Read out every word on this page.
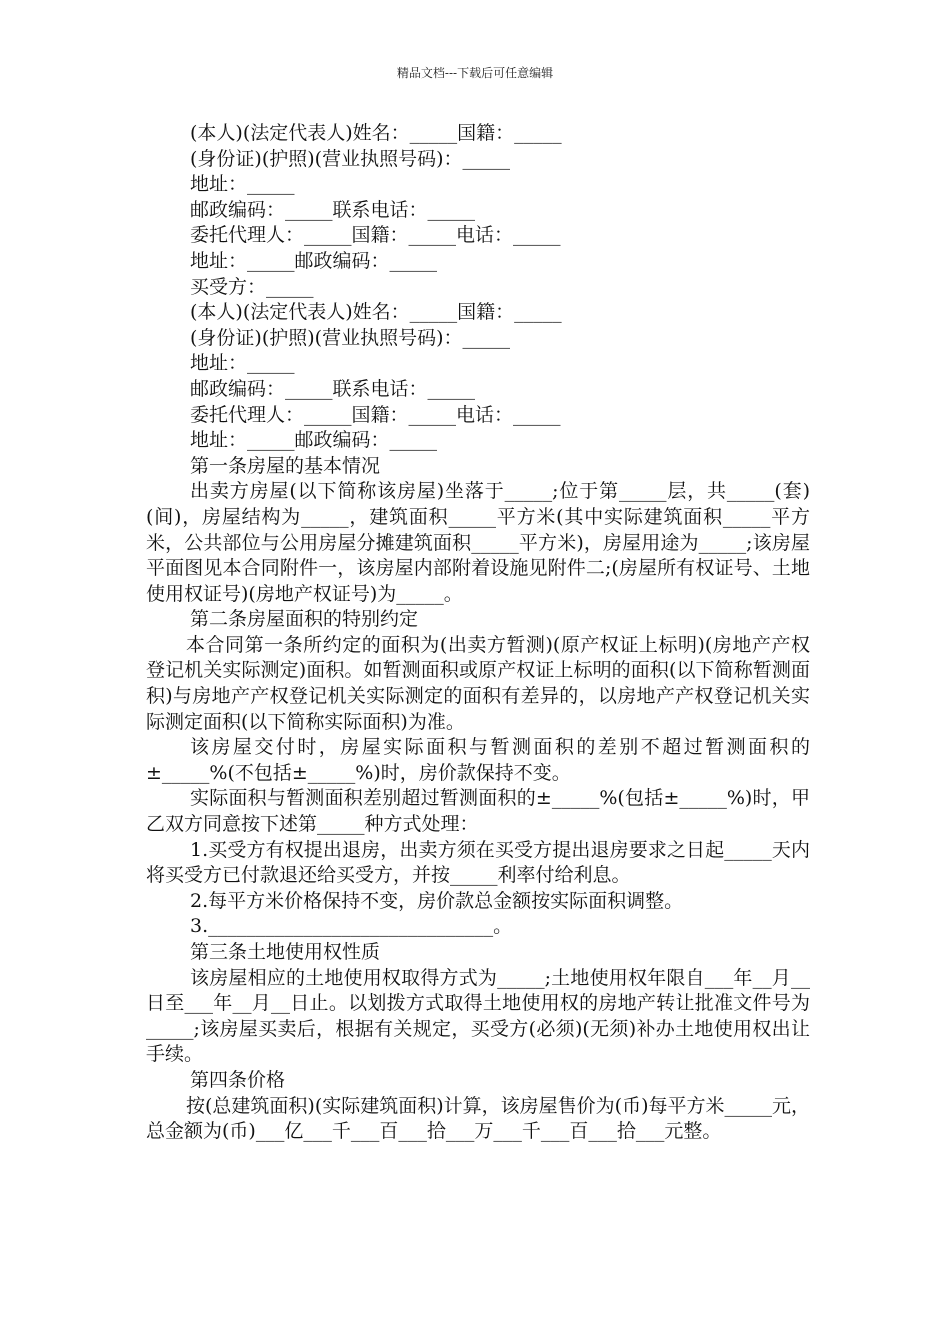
精品文档---下载后可任意编辑

(本人)(法定代表人)姓名：_____国籍：_____

(身份证)(护照)(营业执照号码)：_____

地址：_____

邮政编码：_____联系电话：_____

委托代理人：_____国籍：_____电话：_____

地址：_____邮政编码：_____

买受方：_____

(本人)(法定代表人)姓名：_____国籍：_____

(身份证)(护照)(营业执照号码)：_____

地址：_____

邮政编码：_____联系电话：_____

委托代理人：_____国籍：_____电话：_____

地址：_____邮政编码：_____

第一条房屋的基本情况

出卖方房屋(以下简称该房屋)坐落于_____;位于第_____层，共_____(套)(间)，房屋结构为_____，建筑面积_____平方米(其中实际建筑面积_____平方米，公共部位与公用房屋分摊建筑面积_____平方米)，房屋用途为_____;该房屋平面图见本合同附件一，该房屋内部附着设施见附件二;(房屋所有权证号、土地使用权证号)(房地产权证号)为_____。

第二条房屋面积的特别约定

本合同第一条所约定的面积为(出卖方暂测)(原产权证上标明)(房地产产权登记机关实际测定)面积。如暂测面积或原产权证上标明的面积(以下简称暂测面积)与房地产产权登记机关实际测定的面积有差异的，以房地产产权登记机关实际测定面积(以下简称实际面积)为准。

该房屋交付时，房屋实际面积与暂测面积的差别不超过暂测面积的±_____%(不包括±_____%)时，房价款保持不变。

实际面积与暂测面积差别超过暂测面积的±_____%(包括±_____%)时，甲乙双方同意按下述第_____种方式处理：

1.买受方有权提出退房，出卖方须在买受方提出退房要求之日起_____天内将买受方已付款退还给买受方，并按_____利率付给利息。

2.每平方米价格保持不变，房价款总金额按实际面积调整。

3.______________________________。

第三条土地使用权性质

该房屋相应的土地使用权取得方式为_____;土地使用权年限自___年__月__日至___年__月__日止。以划拨方式取得土地使用权的房地产转让批准文件号为_____;该房屋买卖后，根据有关规定，买受方(必须)(无须)补办土地使用权出让手续。

第四条价格

按(总建筑面积)(实际建筑面积)计算，该房屋售价为(币)每平方米_____元，总金额为(币)___亿___千___百___拾___万___千___百___拾___元整。
